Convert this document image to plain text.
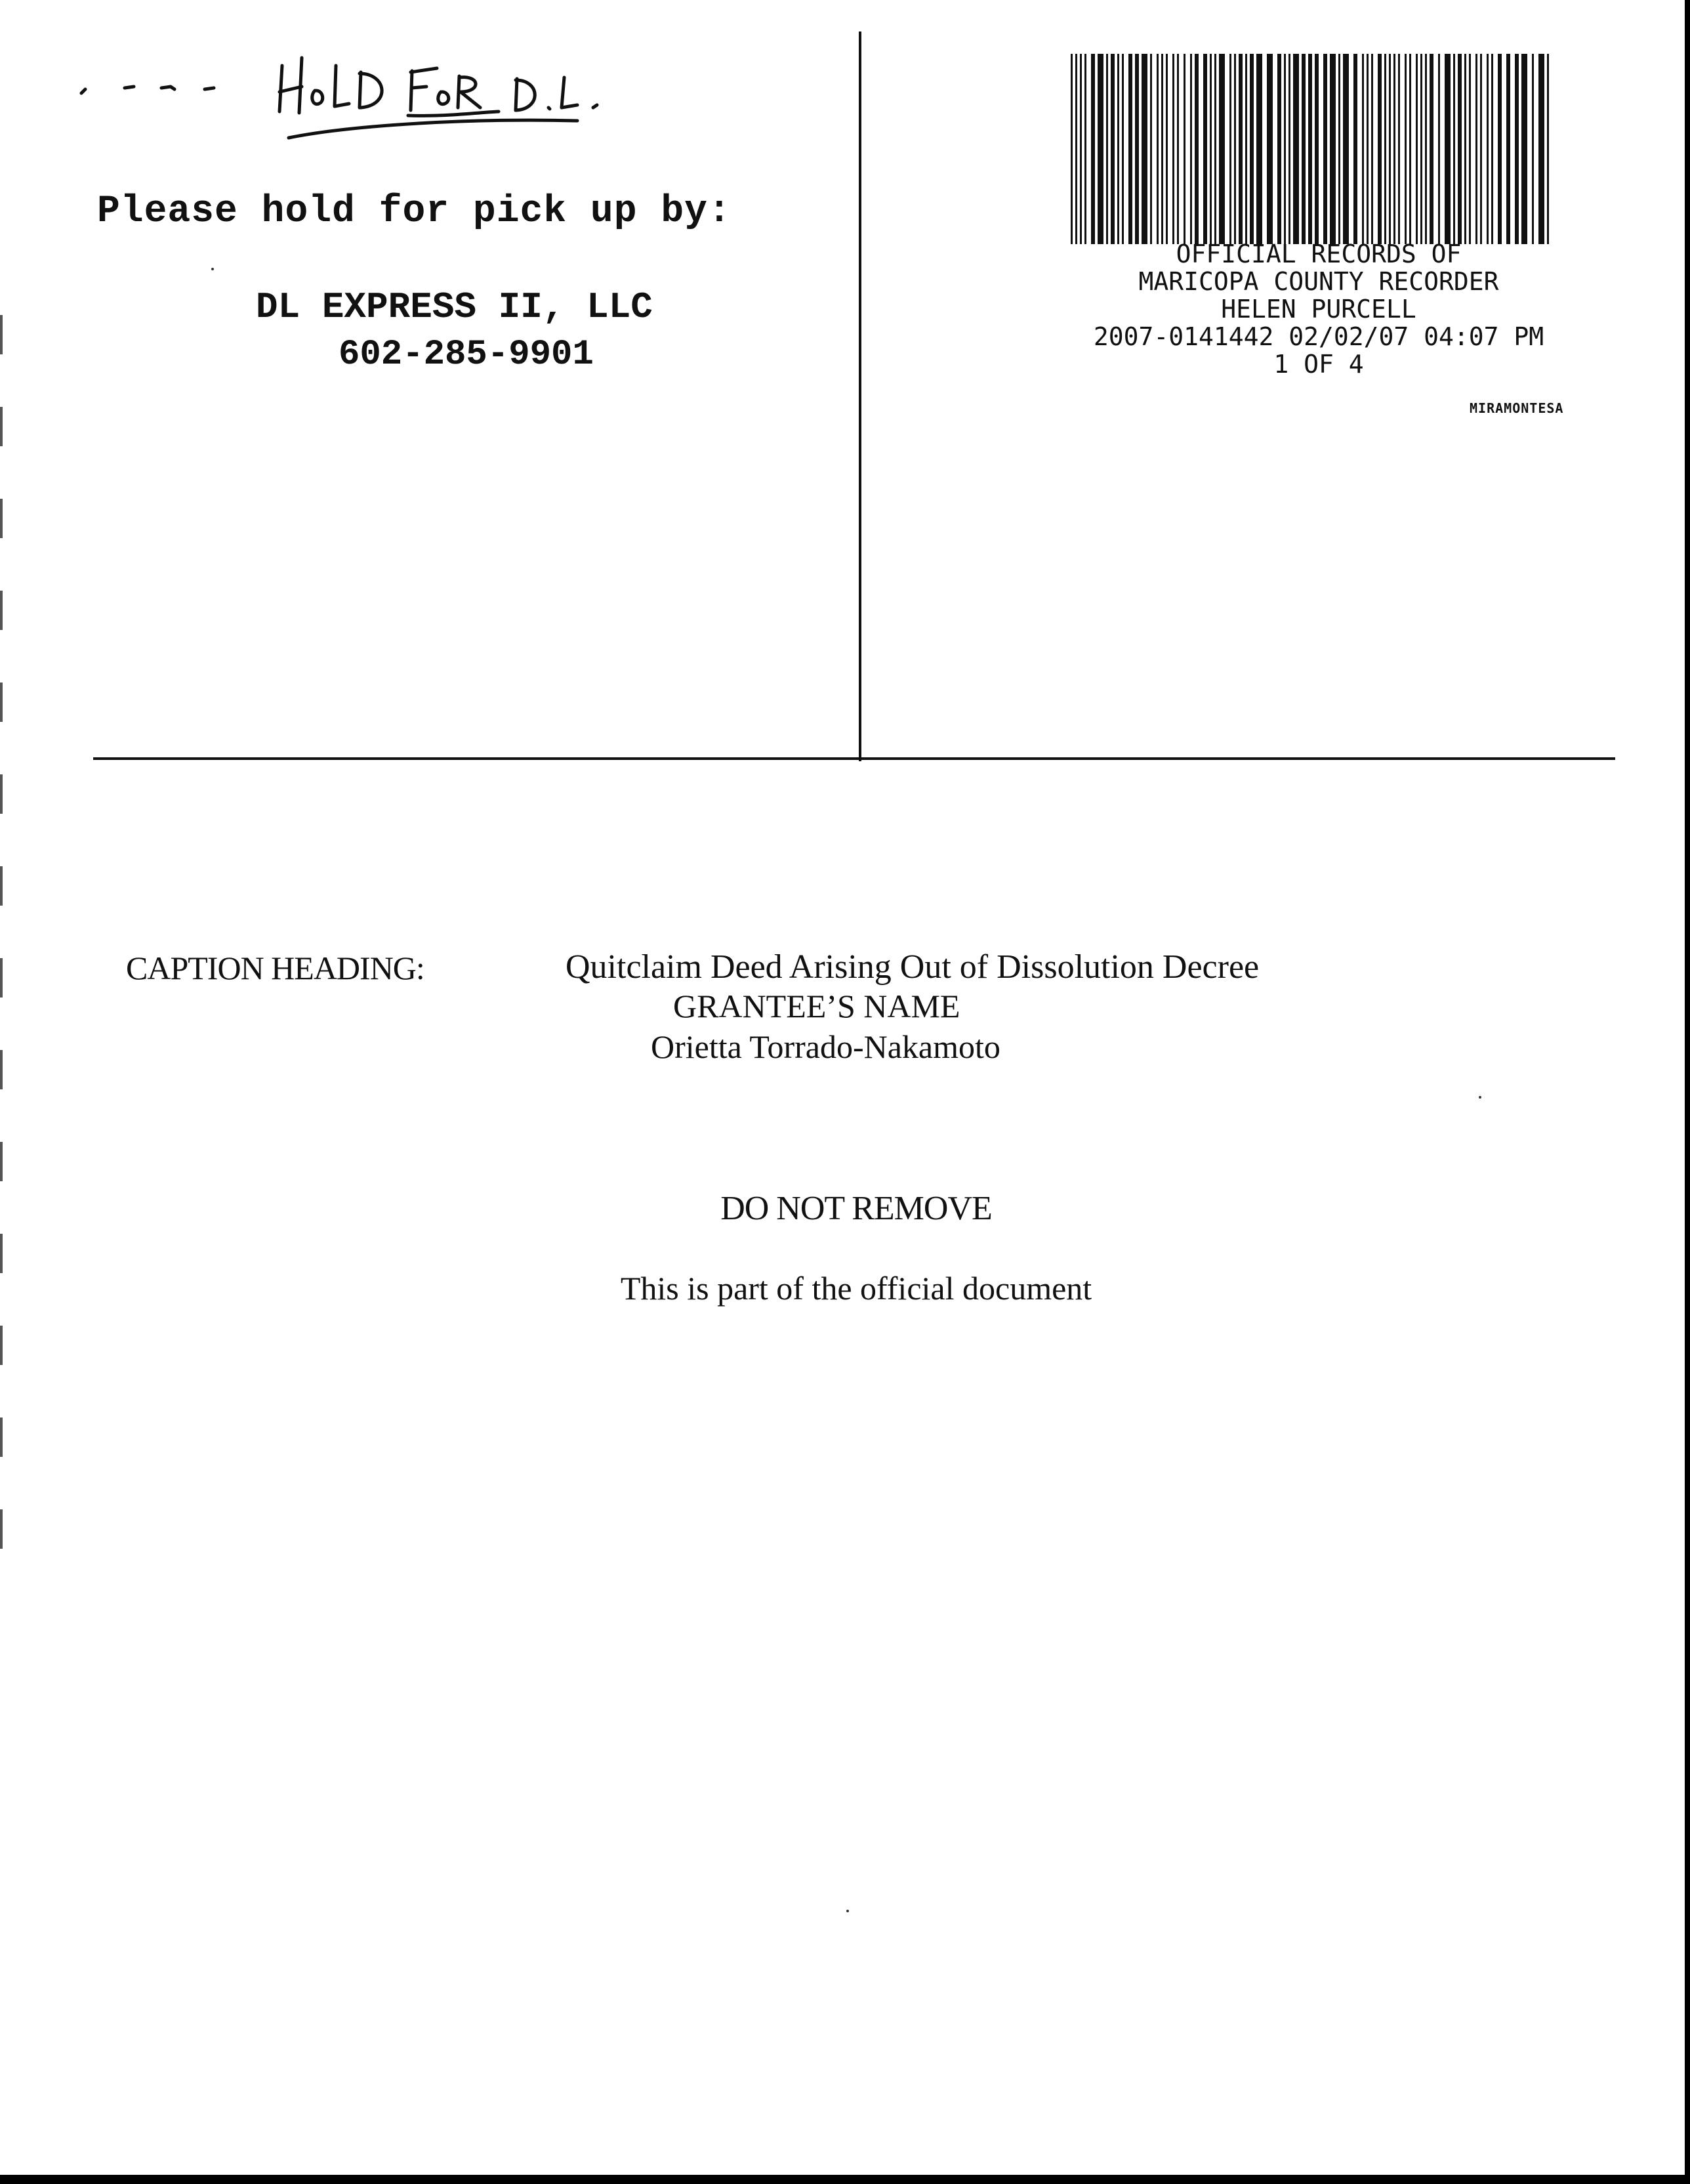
Please hold for pick up by:
DL EXPRESS II, LLC
602-285-9901
OFFICIAL RECORDS OF
MARICOPA COUNTY RECORDER
HELEN PURCELL
2007-0141442 02/02/07 04:07 PM
1 OF 4
MIRAMONTESA
CAPTION HEADING:	Quitclaim Deed Arising Out of Dissolution Decree
GRANTEE’S NAME
Orietta Torrado-Nakamoto
DO NOT REMOVE
This is part of the official document
